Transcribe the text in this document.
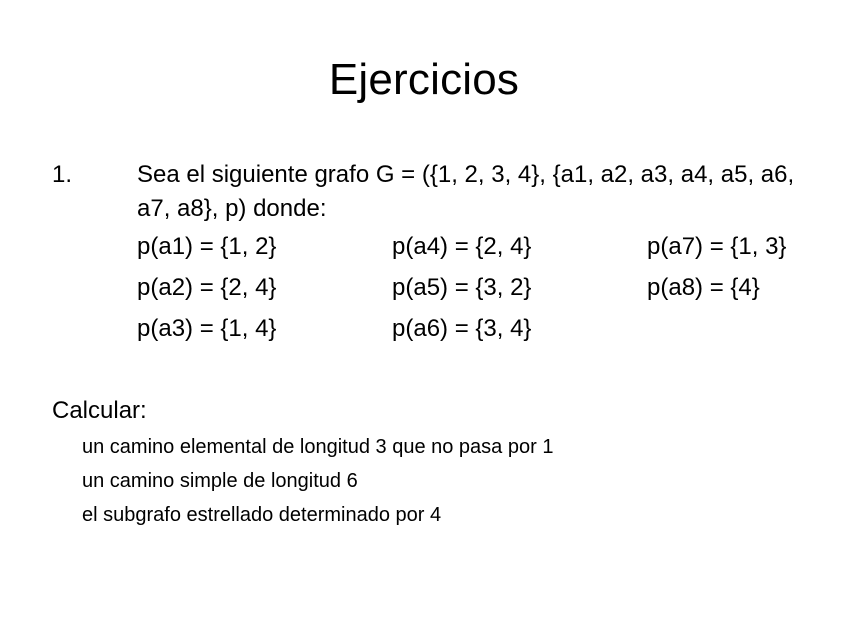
Ejercicios
1.	Sea el siguiente grafo G = ({1, 2, 3, 4}, {a1, a2, a3, a4, a5, a6, a7, a8}, p) donde:
p(a1) = {1, 2}
p(a2) = {2, 4}
p(a3) = {1, 4}
p(a4) = {2, 4}
p(a5) = {3, 2}
p(a6) = {3, 4}
p(a7) = {1, 3}
p(a8) = {4}
Calcular:
un camino elemental de longitud 3 que no pasa por 1
un camino simple de longitud 6
el subgrafo estrellado determinado por 4
